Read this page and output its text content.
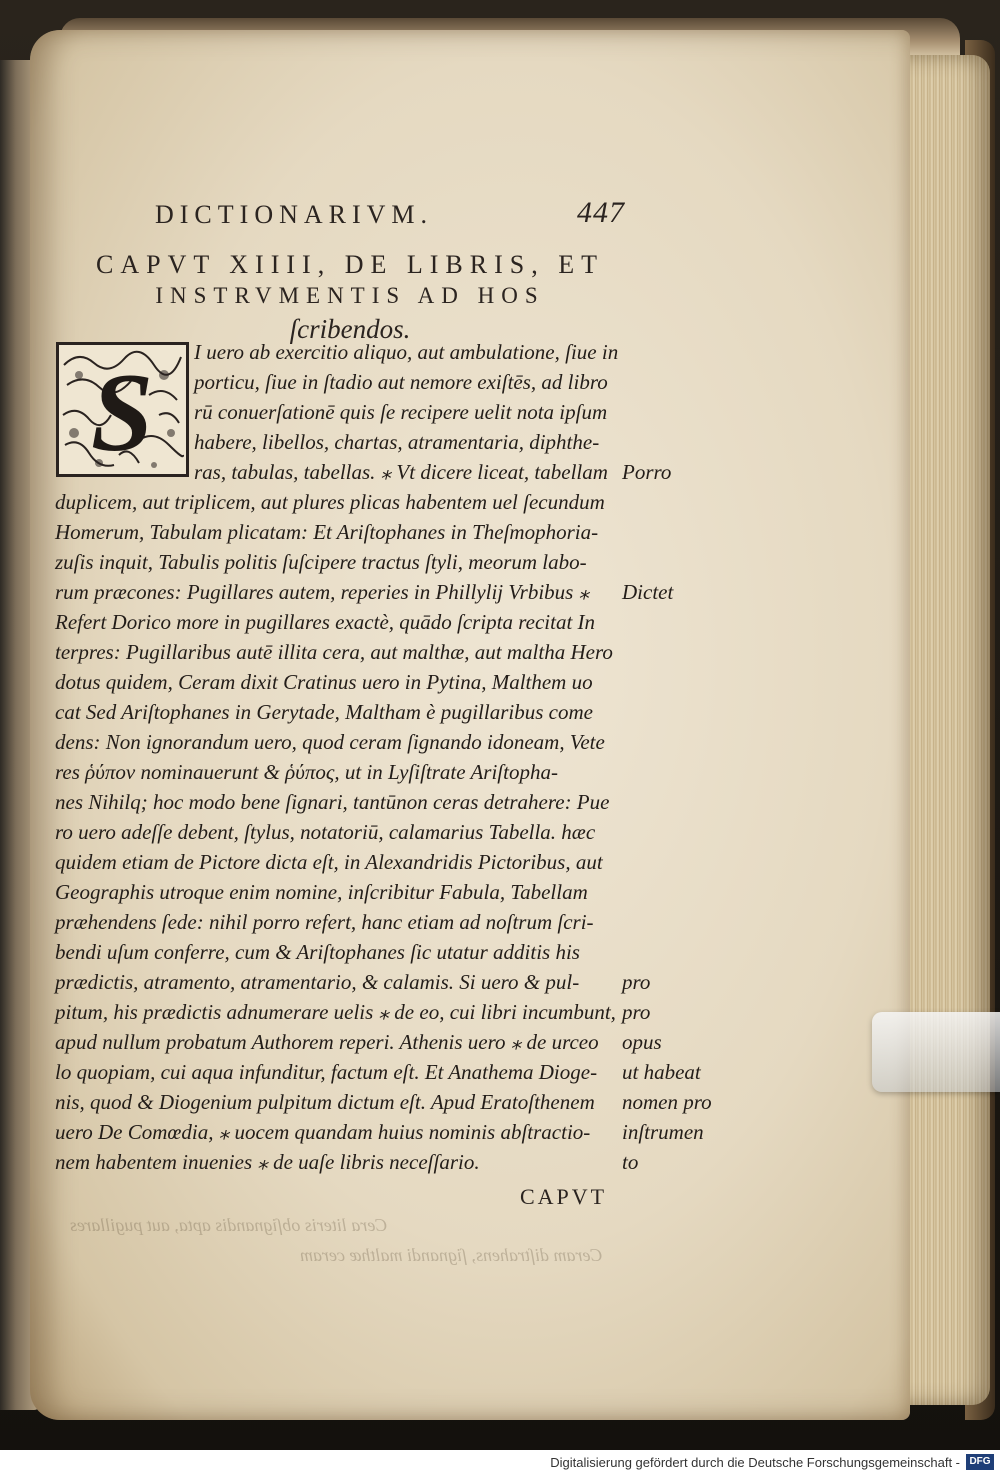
DICTIONARIVM.	447
CAPVT XIIII, DE LIBRIS, ET
INSTRVMENTIS AD HOS
ſcribendos.
I uero ab exercitio aliquo, aut ambulatione, ſiue in
porticu, ſiue in ſtadio aut nemore exiſtēs, ad libro
rū conuerſationē quis ſe recipere uelit nota ipſum
habere, libellos, chartas, atramentaria, diphthe-
ras, tabulas, tabellas. ⁎ Vt dicere liceat, tabellam
duplicem, aut triplicem, aut plures plicas habentem uel ſecundum
Homerum, Tabulam plicatam: Et Ariſtophanes in Theſmophoria-
zuſis inquit, Tabulis politis ſuſcipere tractus ſtyli, meorum labo-
rum præcones: Pugillares autem, reperies in Phillylij Vrbibus ⁎
Refert Dorico more in pugillares exactè, quādo ſcripta recitat In
terpres: Pugillaribus autē illita cera, aut malthæ, aut maltha Hero
dotus quidem, Ceram dixit Cratinus uero in Pytina, Malthem uo
cat Sed Ariſtophanes in Gerytade, Maltham è pugillaribus come
dens: Non ignorandum uero, quod ceram ſignando idoneam, Vete
res ῥύπον nominauerunt & ῥύπος, ut in Lyſiſtrate Ariſtopha-
nes Nihilq; hoc modo bene ſignari, tantūnon ceras detrahere: Pue
ro uero adeſſe debent, ſtylus, notatoriū, calamarius Tabella. hæc
quidem etiam de Pictore dicta eſt, in Alexandridis Pictoribus, aut
Geographis utroque enim nomine, inſcribitur Fabula, Tabellam
præhendens ſede: nihil porro refert, hanc etiam ad noſtrum ſcri-
bendi uſum conferre, cum & Ariſtophanes ſic utatur additis his
prædictis, atramento, atramentario, & calamis. Si uero & pul-
pitum, his prædictis adnumerare uelis ⁎ de eo, cui libri incumbunt,
apud nullum probatum Authorem reperi. Athenis uero ⁎ de urceo
lo quopiam, cui aqua infunditur, factum eſt. Et Anathema Dioge-
nis, quod & Diogenium pulpitum dictum eſt. Apud Eratoſthenem
uero De Comœdia, ⁎ uocem quandam huius nominis abſtractio-
nem habentem inuenies ⁎ de uaſe libris neceſſario.
S	Porro
Dictet
pro
pro
opus
ut habeat
nomen pro
inſtrumen
to
CAPVT
Cera literis obſignandis apta, aut pugillares
Ceram diſtrahens, ſignandi malthæ ceram
Digitalisierung gefördert durch die Deutsche Forschungsgemeinschaft - DFG
